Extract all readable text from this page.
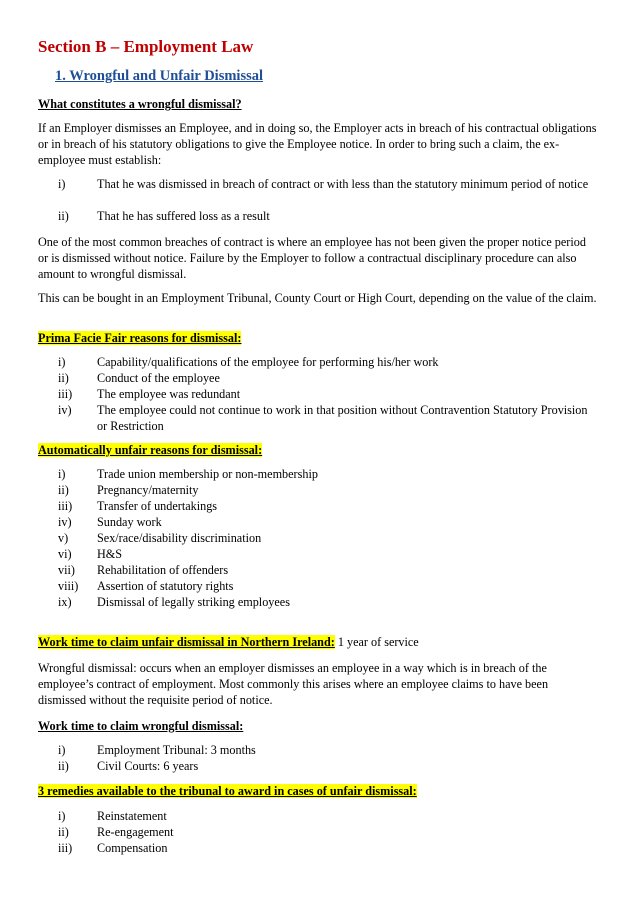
Section B – Employment Law
1. Wrongful and Unfair Dismissal
What constitutes a wrongful dismissal?
If an Employer dismisses an Employee, and in doing so, the Employer acts in breach of his contractual obligations or in breach of his statutory obligations to give the Employee notice. In order to bring such a claim, the ex-employee must establish:
i)	That he was dismissed in breach of contract or with less than the statutory minimum period of notice
ii) That he has suffered loss as a result
One of the most common breaches of contract is where an employee has not been given the proper notice period or is dismissed without notice. Failure by the Employer to follow a contractual disciplinary procedure can also amount to wrongful dismissal.
This can be bought in an Employment Tribunal, County Court or High Court, depending on the value of the claim.
Prima Facie Fair reasons for dismissal:
i)	Capability/qualifications of the employee for performing his/her work
ii) Conduct of the employee
iii) The employee was redundant
iv) The employee could not continue to work in that position without Contravention Statutory Provision or Restriction
Automatically unfair reasons for dismissal:
i)	Trade union membership or non-membership
ii) Pregnancy/maternity
iii) Transfer of undertakings
iv) Sunday work
v) Sex/race/disability discrimination
vi) H&S
vii) Rehabilitation of offenders
viii) Assertion of statutory rights
ix) Dismissal of legally striking employees
Work time to claim unfair dismissal in Northern Ireland: 1 year of service
Wrongful dismissal: occurs when an employer dismisses an employee in a way which is in breach of the employee’s contract of employment. Most commonly this arises where an employee claims to have been dismissed without the requisite period of notice.
Work time to claim wrongful dismissal:
i)	Employment Tribunal: 3 months
ii) Civil Courts: 6 years
3 remedies available to the tribunal to award in cases of unfair dismissal:
i)	Reinstatement
ii) Re-engagement
iii) Compensation
